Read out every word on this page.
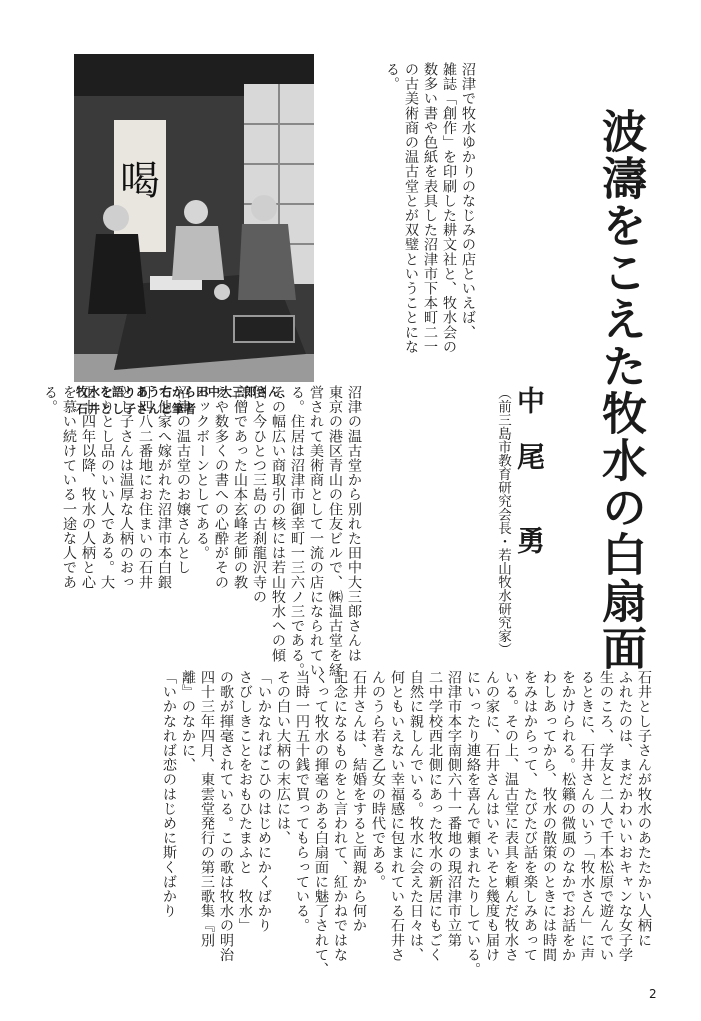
波濤をこえた牧水の白扇面
中　尾　　勇
（前三島市教育研究会長・若山牧水研究家）
沼津で牧水ゆかりのなじみの店といえば、
雑誌「創作」を印刷した耕文社と、牧水会の
数多い書や色紙を表具した沼津市下本町二一
の古美術商の温古堂とが双璧ということにな
る。
沼津の温古堂から別れた田中大三郎さんは
東京の港区青山の住友ビルで、㈱温古堂を経
営されて美術商として一流の店になられてい
る。住居は沼津市御幸町一三六ノ三である。
その幅広い商取引の核には若山牧水への傾
倒と今ひとつ三島の古刹龍沢寺の
高僧であった山本玄峰老師の教
えや数多くの書への心酔がその
バックボーンとしてある。
沼津の温古堂のお嬢さんとし
て他家へ嫁がれた沼津市本白銀
町四八二番地にお住まいの石井
とし子さんは温厚な人柄のおっ
とりとし品のいい人である。大
正十四年以降、牧水の人柄と心
を慕い続けている一途な人であ
る。
喝
牧水を語りあう右から田中大三郎さん、
石井とし子さんと筆者
石井とし子さんが牧水のあたたかい人柄に
ふれたのは、まだかわいいおキャンな女子学
生のころ、学友と二人で千本松原で遊んでい
るときに、石井さんのいう「牧水さん」に声
をかけられる。松籟の微風のなかでお話をか
わしあってから、牧水の散策のときには時間
をみはからって、たびたび話を楽しみあって
いる。その上、温古堂に表具を頼んだ牧水さ
んの家に、石井さんはいそいそと幾度も届け
にいったり連絡を喜んで頼まれたりしている。
沼津市本字南側六十一番地の現沼津市立第
二中学校西北側にあった牧水の新居にもごく
自然に親しんでいる。牧水に会えた日々は、
何ともいえない幸福感に包まれている石井さ
んのうら若き乙女の時代である。
石井さんは、結婚をすると両親から何か
記念になるものをと言われて、紅かねではな
くって牧水の揮毫のある白扇面に魅了されて、
当時一円五十銭で買ってもらっている。
その白い大柄の末広には、
「いかなればこひのはじめにかくばかり
さびしきことをおもひたまふと　牧水」
の歌が揮毫されている。この歌は牧水の明治
四十三年四月、東雲堂発行の第三歌集『別
離』のなかに、
「いかなれば恋のはじめに斯くばかり
2
